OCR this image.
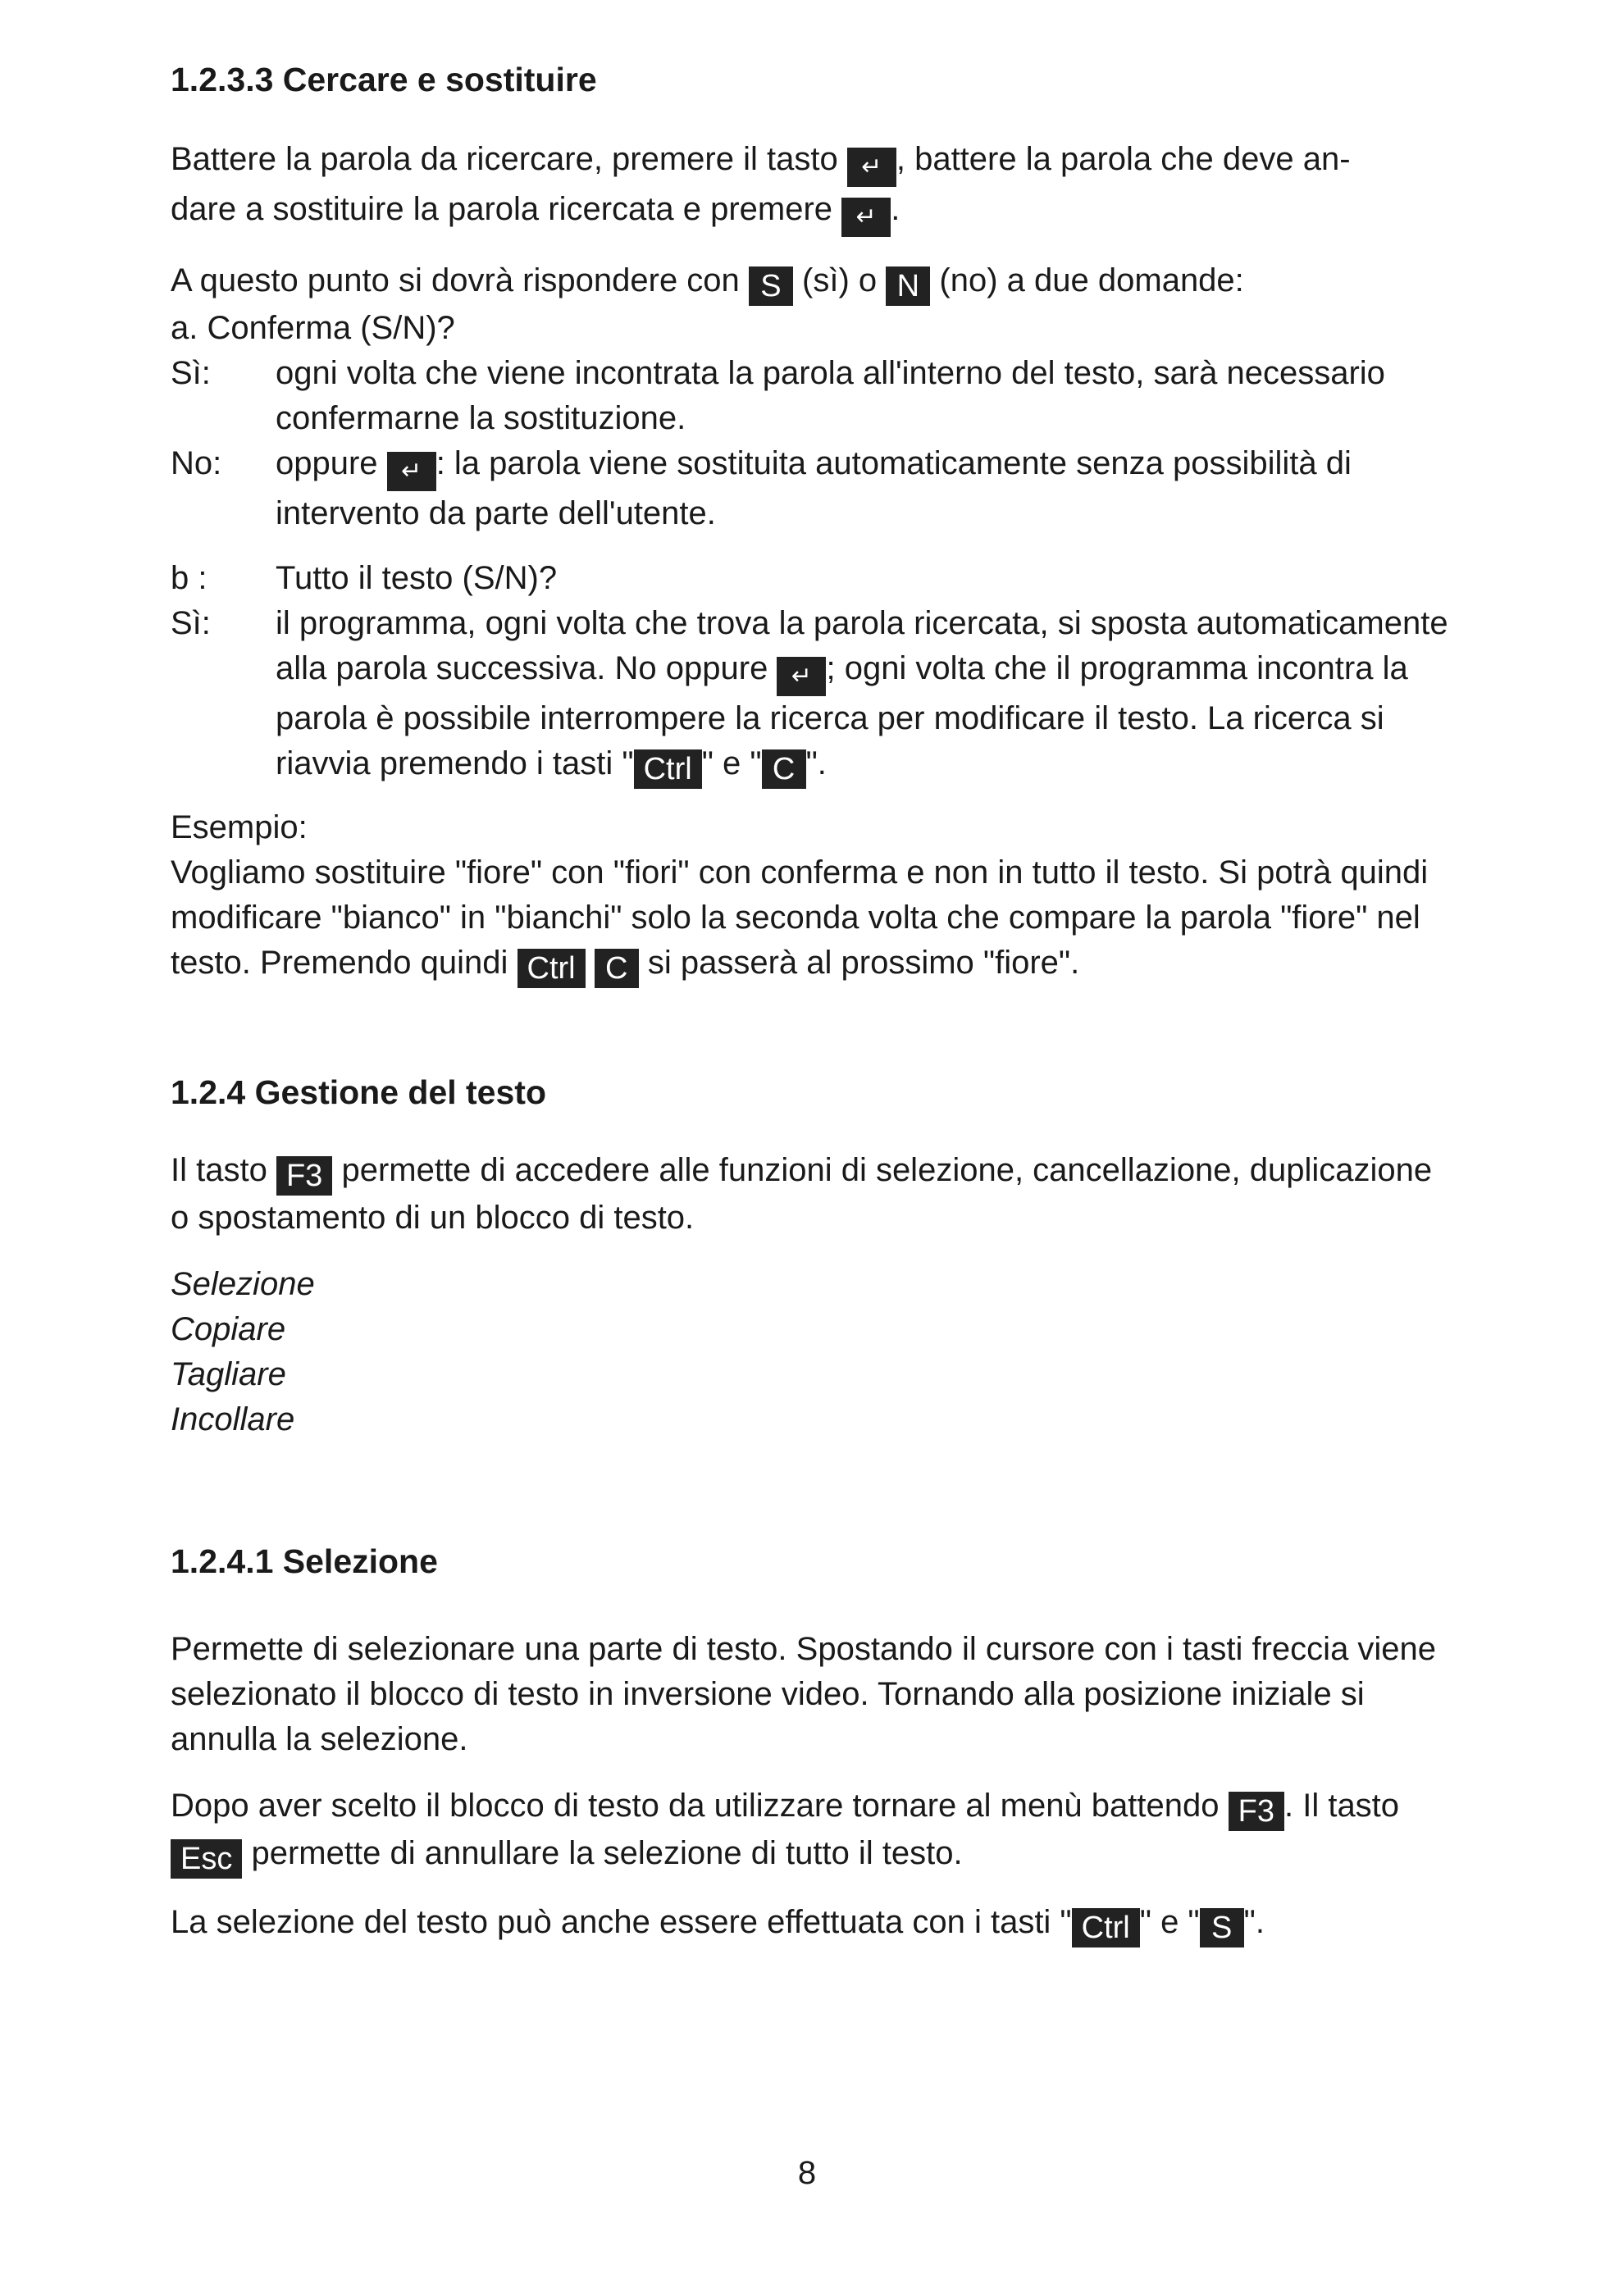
1.2.3.3 Cercare e sostituire

Battere la parola da ricercare, premere il tasto ↵ , battere la parola che deve an-
dare a sostituire la parola ricercata e premere ↵ .

A questo punto si dovrà rispondere con S (sì) o N (no) a due domande:

a. Conferma (S/N)?

Sì:	ogni volta che viene incontrata la parola all'interno del testo, sarà necessario confermarne la sostituzione.
No:	oppure ↵ : la parola viene sostituita automaticamente senza possibilità di intervento da parte dell'utente.
b :	Tutto il testo (S/N)?
Sì:	il programma, ogni volta che trova la parola ricercata, si sposta automaticamente alla parola successiva. No oppure ↵ ; ogni volta che il programma incontra la parola è possibile interrompere la ricerca per modificare il testo. La ricerca si riavvia premendo i tasti " Ctrl " e " C ".

Esempio:

Vogliamo sostituire "fiore" con "fiori" con conferma e non in tutto il testo. Si potrà quindi modificare "bianco" in "bianchi" solo la seconda volta che compare la parola "fiore" nel testo. Premendo quindi Ctrl C si passerà al prossimo "fiore".

1.2.4 Gestione del testo

Il tasto F3 permette di accedere alle funzioni di selezione, cancellazione, duplicazione o spostamento di un blocco di testo.

Selezione

Copiare

Tagliare

Incollare

1.2.4.1 Selezione

Permette di selezionare una parte di testo. Spostando il cursore con i tasti freccia viene selezionato il blocco di testo in inversione video. Tornando alla posizione iniziale si annulla la selezione.

Dopo aver scelto il blocco di testo da utilizzare tornare al menù battendo F3 . Il tasto Esc permette di annullare la selezione di tutto il testo.

La selezione del testo può anche essere effettuata con i tasti " Ctrl " e " S ".

8
